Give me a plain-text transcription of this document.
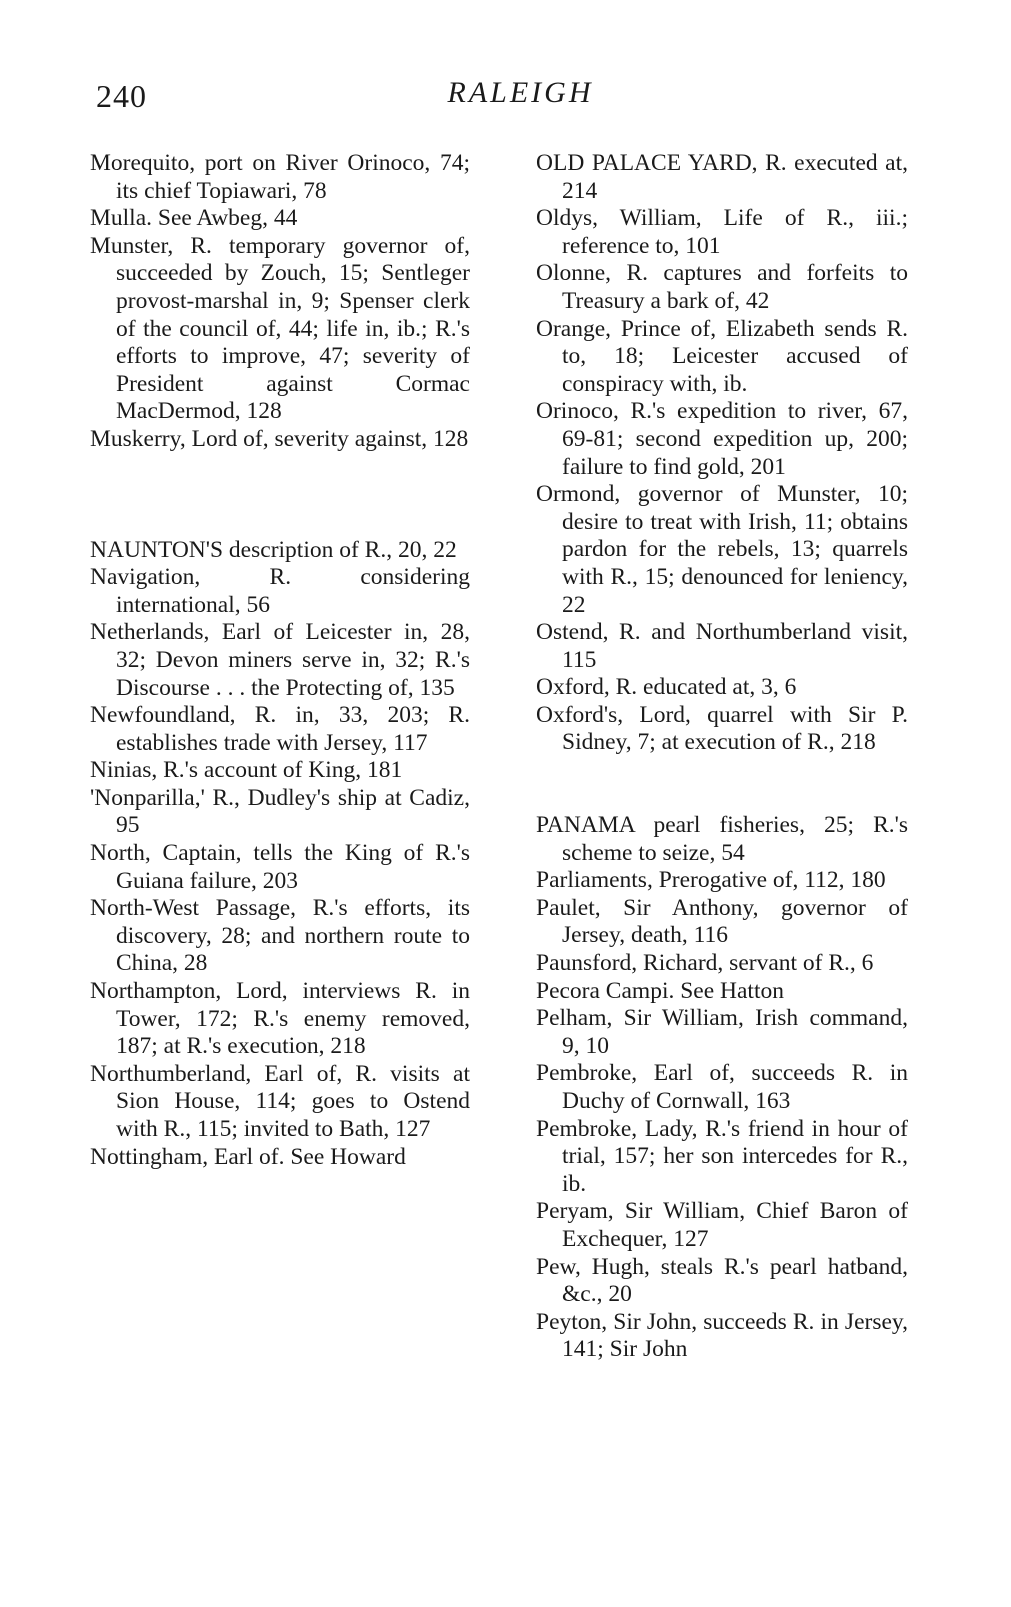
240	RALEIGH

Morequito, port on River Orinoco, 74; its chief Topiawari, 78

Mulla. See Awbeg, 44

Munster, R. temporary governor of, succeeded by Zouch, 15; Sentleger provost-marshal in, 9; Spenser clerk of the council of, 44; life in, ib.; R.'s efforts to improve, 47; severity of President against Cormac MacDermod, 128

Muskerry, Lord of, severity against, 128

NAUNTON'S description of R., 20, 22

Navigation, R. considering international, 56

Netherlands, Earl of Leicester in, 28, 32; Devon miners serve in, 32; R.'s Discourse . . . the Protecting of, 135

Newfoundland, R. in, 33, 203; R. establishes trade with Jersey, 117

Ninias, R.'s account of King, 181

'Nonparilla,' R., Dudley's ship at Cadiz, 95

North, Captain, tells the King of R.'s Guiana failure, 203

North-West Passage, R.'s efforts, its discovery, 28; and northern route to China, 28

Northampton, Lord, interviews R. in Tower, 172; R.'s enemy removed, 187; at R.'s execution, 218

Northumberland, Earl of, R. visits at Sion House, 114; goes to Ostend with R., 115; invited to Bath, 127

Nottingham, Earl of. See Howard

OLD PALACE YARD, R. executed at, 214

Oldys, William, Life of R., iii.; reference to, 101

Olonne, R. captures and forfeits to Treasury a bark of, 42

Orange, Prince of, Elizabeth sends R. to, 18; Leicester accused of conspiracy with, ib.

Orinoco, R.'s expedition to river, 67, 69-81; second expedition up, 200; failure to find gold, 201

Ormond, governor of Munster, 10; desire to treat with Irish, 11; obtains pardon for the rebels, 13; quarrels with R., 15; denounced for leniency, 22

Ostend, R. and Northumberland visit, 115

Oxford, R. educated at, 3, 6

Oxford's, Lord, quarrel with Sir P. Sidney, 7; at execution of R., 218

PANAMA pearl fisheries, 25; R.'s scheme to seize, 54

Parliaments, Prerogative of, 112, 180

Paulet, Sir Anthony, governor of Jersey, death, 116

Paunsford, Richard, servant of R., 6

Pecora Campi. See Hatton

Pelham, Sir William, Irish command, 9, 10

Pembroke, Earl of, succeeds R. in Duchy of Cornwall, 163

Pembroke, Lady, R.'s friend in hour of trial, 157; her son intercedes for R., ib.

Peryam, Sir William, Chief Baron of Exchequer, 127

Pew, Hugh, steals R.'s pearl hatband, &c., 20

Peyton, Sir John, succeeds R. in Jersey, 141; Sir John
